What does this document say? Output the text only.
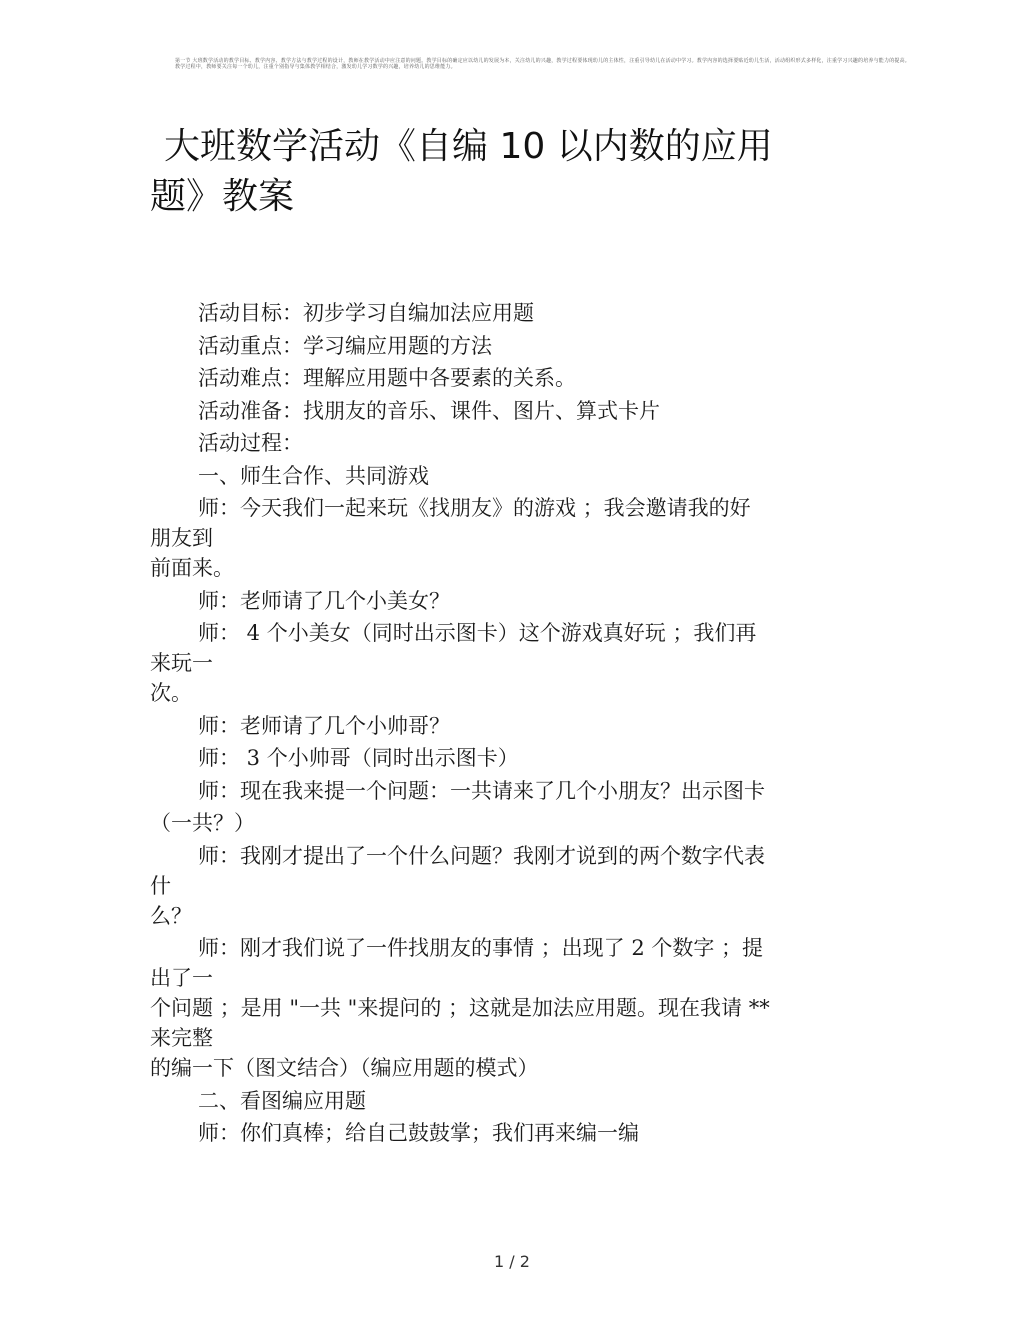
第一节 大班数学活动的教学目标、教学内容、教学方法与教学过程的设计，教师在教学活动中应注意的问题。教学目标的确定应以幼儿的发展为本，关注幼儿的兴趣，教学过程要体现幼儿的主体性，注重引导幼儿在活动中学习。教学内容的选择要贴近幼儿生活，活动组织形式多样化，注重学习兴趣的培养与能力的提高。
教学过程中，教师要关注每一个幼儿，注重个别指导与集体教学相结合，激发幼儿学习数学的兴趣，培养幼儿的思维能力。
大班数学活动《自编 10 以内数的应用
题》教案
活动目标：初步学习自编加法应用题
活动重点：学习编应用题的方法
活动难点：理解应用题中各要素的关系。
活动准备：找朋友的音乐、课件、图片、算式卡片
活动过程：
一、师生合作、共同游戏
师：今天我们一起来玩《找朋友》的游戏 ；我会邀请我的好
朋友到
前面来。
师：老师请了几个小美女？
师： 4 个小美女（同时出示图卡）这个游戏真好玩 ；我们再
来玩一
次。
师：老师请了几个小帅哥？
师： 3 个小帅哥（同时出示图卡）
师：现在我来提一个问题：一共请来了几个小朋友？出示图卡
（一共？）
师：我刚才提出了一个什么问题？我刚才说到的两个数字代表
什
么？
师：刚才我们说了一件找朋友的事情 ；出现了 2 个数字 ；提
出了一
个问题 ；是用 "一共 "来提问的 ；这就是加法应用题。现在我请 **
来完整
的编一下（图文结合）（编应用题的模式）
二、看图编应用题
师：你们真棒；给自己鼓鼓掌；我们再来编一编
1 / 2
